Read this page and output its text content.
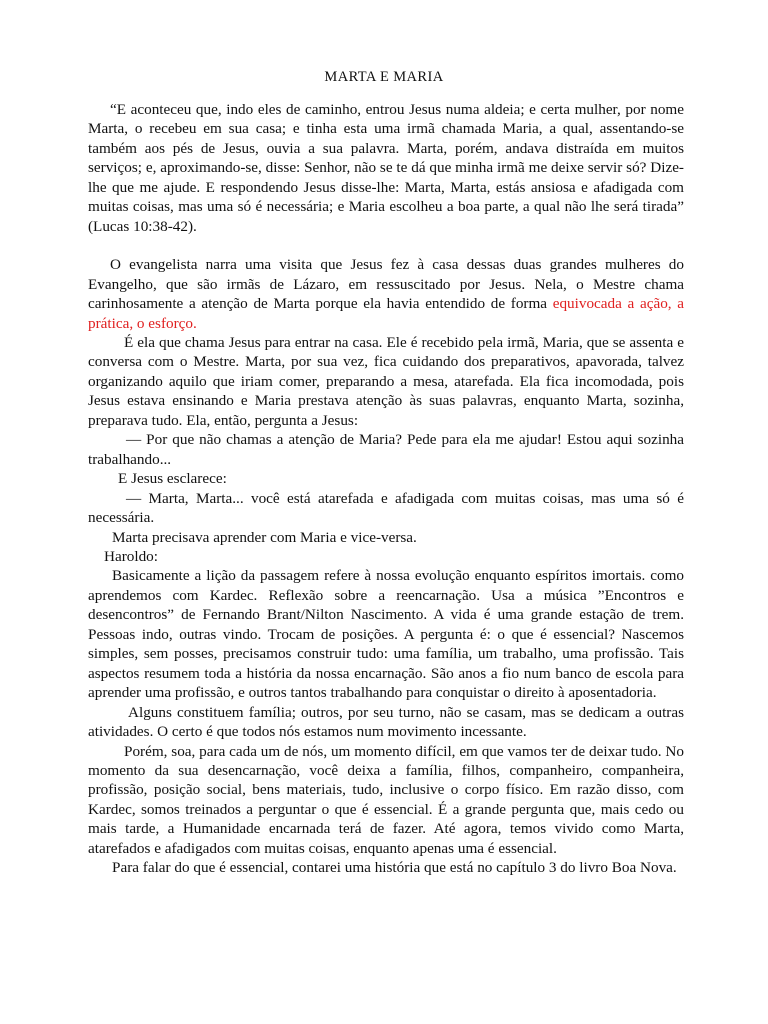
MARTA E MARIA

“E aconteceu que, indo eles de caminho, entrou Jesus numa aldeia; e certa mulher, por nome Marta, o recebeu em sua casa; e tinha esta uma irmã chamada Maria, a qual, assentando-se também aos pés de Jesus, ouvia a sua palavra. Marta, porém, andava distraída em muitos serviços; e, aproximando-se, disse: Senhor, não se te dá que minha irmã me deixe servir só? Dize-lhe que me ajude. E respondendo Jesus disse-lhe: Marta, Marta, estás ansiosa e afadigada com muitas coisas, mas uma só é necessária; e Maria escolheu a boa parte, a qual não lhe será tirada” (Lucas 10:38-42).

O evangelista narra uma visita que Jesus fez à casa dessas duas grandes mulheres do Evangelho, que são irmãs de Lázaro, em ressuscitado por Jesus. Nela, o Mestre chama carinhosamente a atenção de Marta porque ela havia entendido de forma equivocada a ação, a prática, o esforço.

É ela que chama Jesus para entrar na casa. Ele é recebido pela irmã, Maria, que se assenta e conversa com o Mestre. Marta, por sua vez, fica cuidando dos preparativos, apavorada, talvez organizando aquilo que iriam comer, preparando a mesa, atarefada. Ela fica incomodada, pois Jesus estava ensinando e Maria prestava atenção às suas palavras, enquanto Marta, sozinha, preparava tudo. Ela, então, pergunta a Jesus:

— Por que não chamas a atenção de Maria? Pede para ela me ajudar! Estou aqui sozinha trabalhando...

E Jesus esclarece:

— Marta, Marta... você está atarefada e afadigada com muitas coisas, mas uma só é necessária.

Marta precisava aprender com Maria e vice-versa.

Haroldo:

Basicamente a lição da passagem refere à nossa evolução enquanto espíritos imortais. como aprendemos com Kardec. Reflexão sobre a reencarnação. Usa a música ”Encontros e desencontros” de Fernando Brant/Nilton Nascimento. A vida é uma grande estação de trem. Pessoas indo, outras vindo. Trocam de posições. A pergunta é: o que é essencial? Nascemos simples, sem posses, precisamos construir tudo: uma família, um trabalho, uma profissão. Tais aspectos resumem toda a história da nossa encarnação. São anos a fio num banco de escola para aprender uma profissão, e outros tantos trabalhando para conquistar o direito à aposentadoria.

Alguns constituem família; outros, por seu turno, não se casam, mas se dedicam a outras atividades. O certo é que todos nós estamos num movimento incessante.

Porém, soa, para cada um de nós, um momento difícil, em que vamos ter de deixar tudo. No momento da sua desencarnação, você deixa a família, filhos, companheiro, companheira, profissão, posição social, bens materiais, tudo, inclusive o corpo físico. Em razão disso, com Kardec, somos treinados a perguntar o que é essencial. É a grande pergunta que, mais cedo ou mais tarde, a Humanidade encarnada terá de fazer. Até agora, temos vivido como Marta, atarefados e afadigados com muitas coisas, enquanto apenas uma é essencial.

Para falar do que é essencial, contarei uma história que está no capítulo 3 do livro Boa Nova.
